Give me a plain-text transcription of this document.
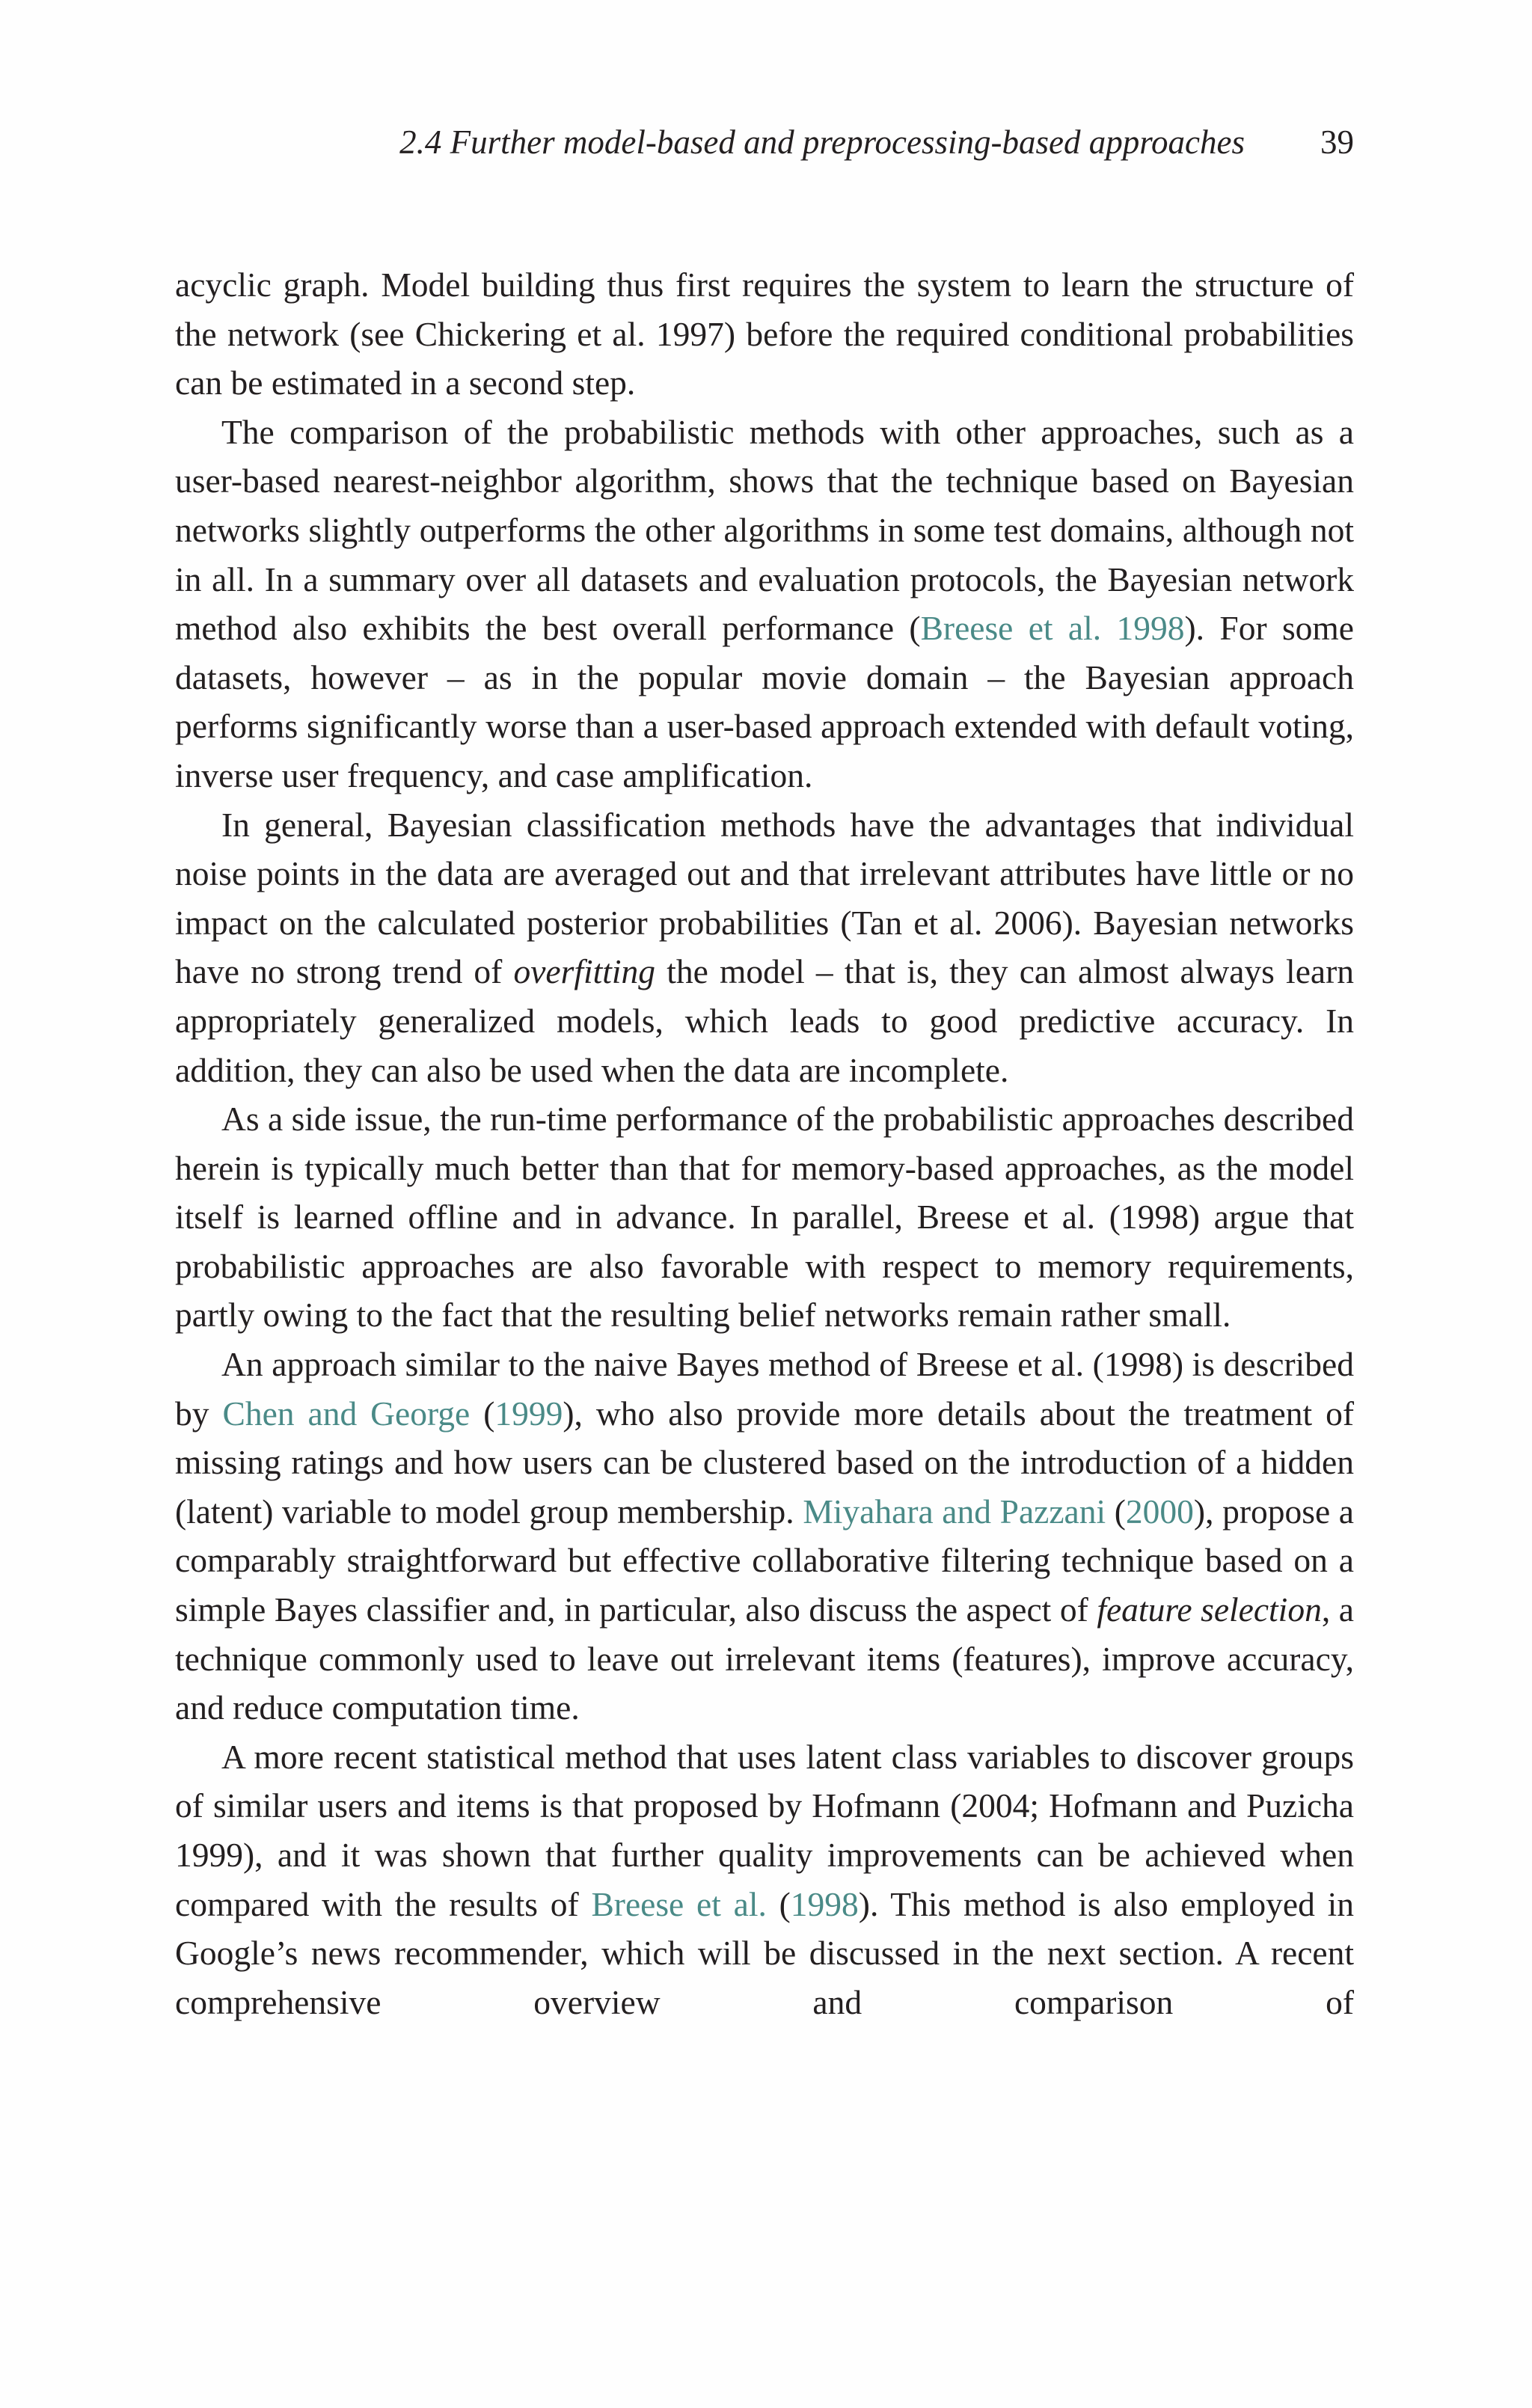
2.4 Further model-based and preprocessing-based approaches 39

acyclic graph. Model building thus first requires the system to learn the structure of the network (see Chickering et al. 1997) before the required conditional probabilities can be estimated in a second step.

The comparison of the probabilistic methods with other approaches, such as a user-based nearest-neighbor algorithm, shows that the technique based on Bayesian networks slightly outperforms the other algorithms in some test domains, although not in all. In a summary over all datasets and evaluation protocols, the Bayesian network method also exhibits the best overall performance (Breese et al. 1998). For some datasets, however – as in the popular movie domain – the Bayesian approach performs significantly worse than a user-based approach extended with default voting, inverse user frequency, and case amplification.

In general, Bayesian classification methods have the advantages that individual noise points in the data are averaged out and that irrelevant attributes have little or no impact on the calculated posterior probabilities (Tan et al. 2006). Bayesian networks have no strong trend of overfitting the model – that is, they can almost always learn appropriately generalized models, which leads to good predictive accuracy. In addition, they can also be used when the data are incomplete.

As a side issue, the run-time performance of the probabilistic approaches described herein is typically much better than that for memory-based approaches, as the model itself is learned offline and in advance. In parallel, Breese et al. (1998) argue that probabilistic approaches are also favorable with respect to memory requirements, partly owing to the fact that the resulting belief networks remain rather small.

An approach similar to the naive Bayes method of Breese et al. (1998) is described by Chen and George (1999), who also provide more details about the treatment of missing ratings and how users can be clustered based on the introduction of a hidden (latent) variable to model group membership. Miyahara and Pazzani (2000), propose a comparably straightforward but effective collaborative filtering technique based on a simple Bayes classifier and, in particular, also discuss the aspect of feature selection, a technique commonly used to leave out irrelevant items (features), improve accuracy, and reduce computation time.

A more recent statistical method that uses latent class variables to discover groups of similar users and items is that proposed by Hofmann (2004; Hofmann and Puzicha 1999), and it was shown that further quality improvements can be achieved when compared with the results of Breese et al. (1998). This method is also employed in Google’s news recommender, which will be discussed in the next section. A recent comprehensive overview and comparison of
